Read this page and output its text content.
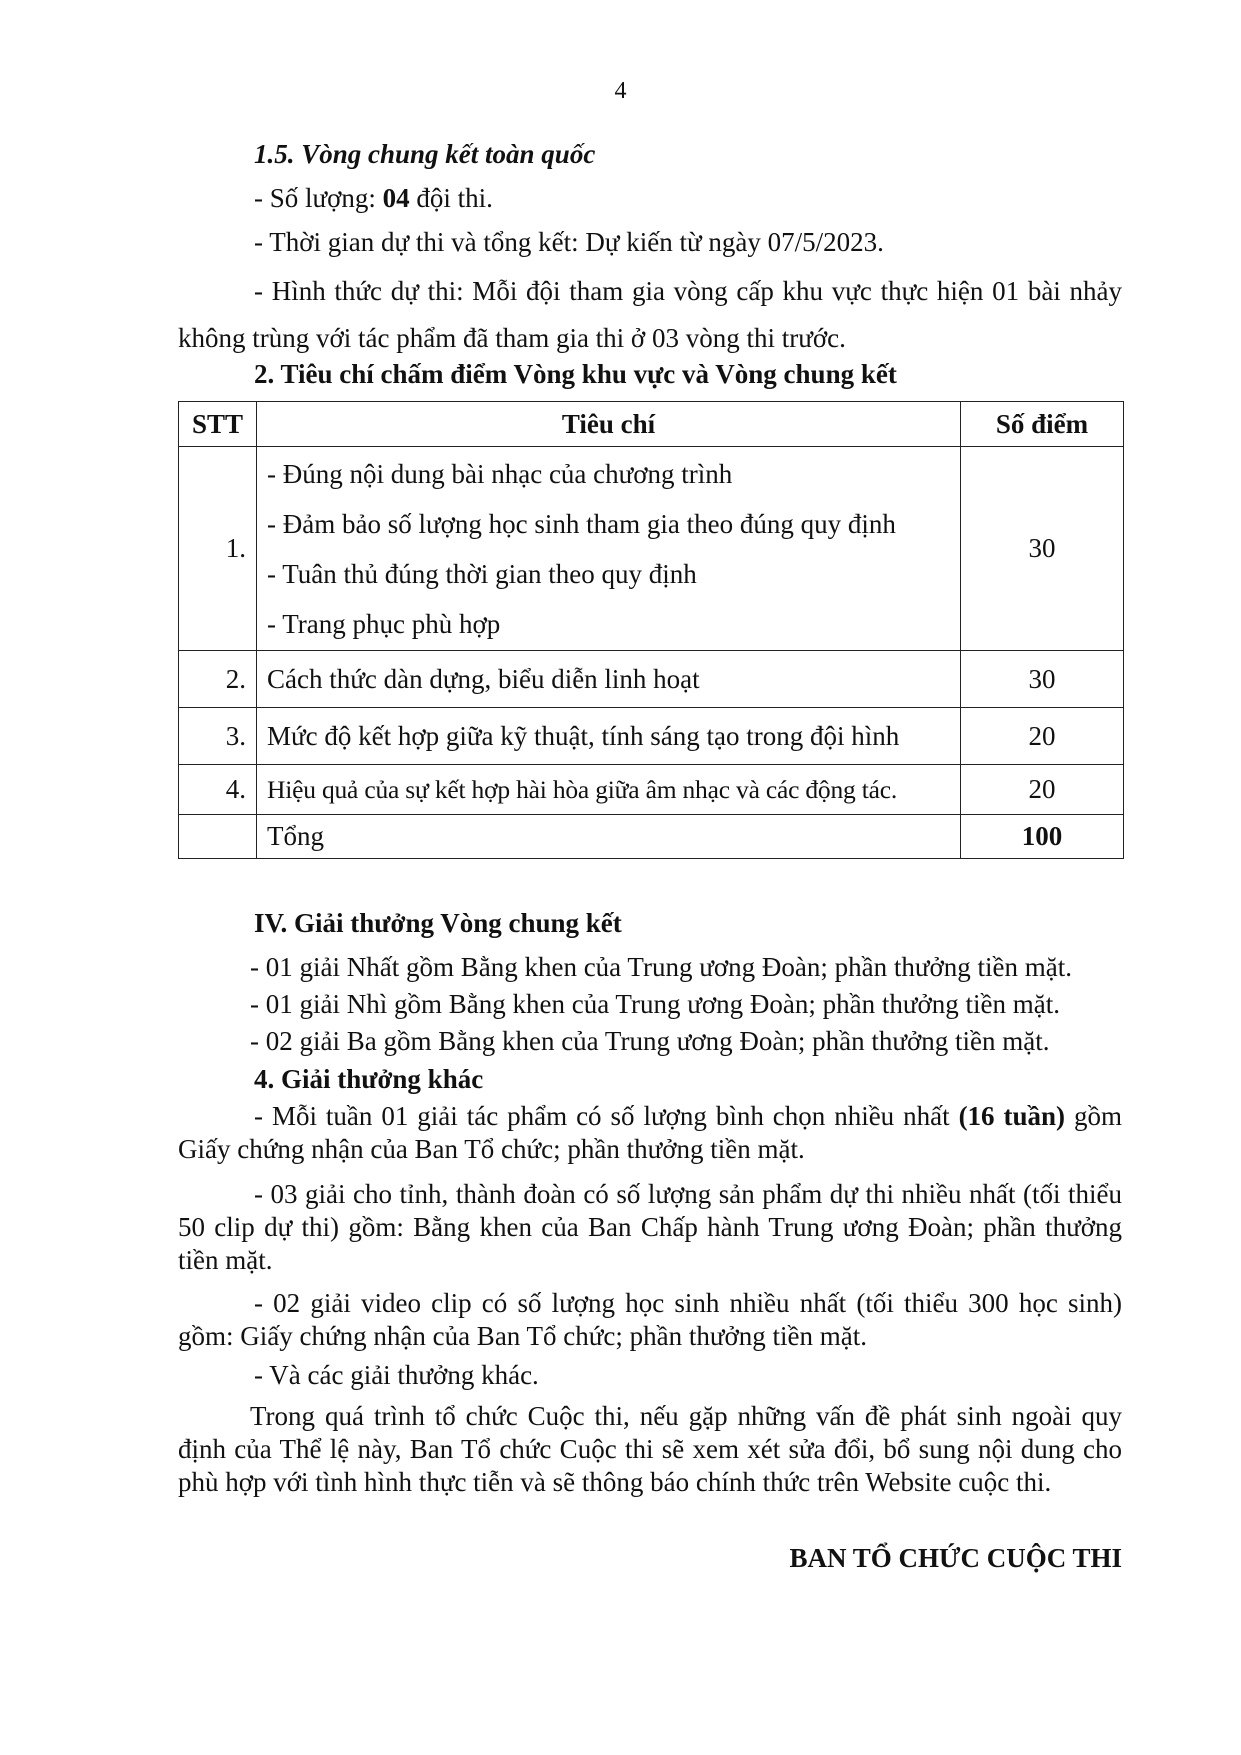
4
1.5. Vòng chung kết toàn quốc
- Số lượng: 04 đội thi.
- Thời gian dự thi và tổng kết: Dự kiến từ ngày 07/5/2023.
- Hình thức dự thi: Mỗi đội tham gia vòng cấp khu vực thực hiện 01 bài nhảy không trùng với tác phẩm đã tham gia thi ở 03 vòng thi trước.
2. Tiêu chí chấm điểm Vòng khu vực và Vòng chung kết
STT	Tiêu chí	Số điểm
1.	- Đúng nội dung bài nhạc của chương trình
- Đảm bảo số lượng học sinh tham gia theo đúng quy định
- Tuân thủ đúng thời gian theo quy định
- Trang phục phù hợp	30
2.	Cách thức dàn dựng, biểu diễn linh hoạt	30
3.	Mức độ kết hợp giữa kỹ thuật, tính sáng tạo trong đội hình	20
4.	Hiệu quả của sự kết hợp hài hòa giữa âm nhạc và các động tác.	20
	Tổng	100
IV. Giải thưởng Vòng chung kết
- 01 giải Nhất gồm Bằng khen của Trung ương Đoàn; phần thưởng tiền mặt.
- 01 giải Nhì gồm Bằng khen của Trung ương Đoàn; phần thưởng tiền mặt.
- 02 giải Ba gồm Bằng khen của Trung ương Đoàn; phần thưởng tiền mặt.
4. Giải thưởng khác
- Mỗi tuần 01 giải tác phẩm có số lượng bình chọn nhiều nhất (16 tuần) gồm Giấy chứng nhận của Ban Tổ chức; phần thưởng tiền mặt.
- 03 giải cho tỉnh, thành đoàn có số lượng sản phẩm dự thi nhiều nhất (tối thiểu 50 clip dự thi) gồm: Bằng khen của Ban Chấp hành Trung ương Đoàn; phần thưởng tiền mặt.
- 02 giải video clip có số lượng học sinh nhiều nhất (tối thiểu 300 học sinh) gồm: Giấy chứng nhận của Ban Tổ chức; phần thưởng tiền mặt.
- Và các giải thưởng khác.
Trong quá trình tổ chức Cuộc thi, nếu gặp những vấn đề phát sinh ngoài quy định của Thể lệ này, Ban Tổ chức Cuộc thi sẽ xem xét sửa đổi, bổ sung nội dung cho phù hợp với tình hình thực tiễn và sẽ thông báo chính thức trên Website cuộc thi.
BAN TỔ CHỨC CUỘC THI
